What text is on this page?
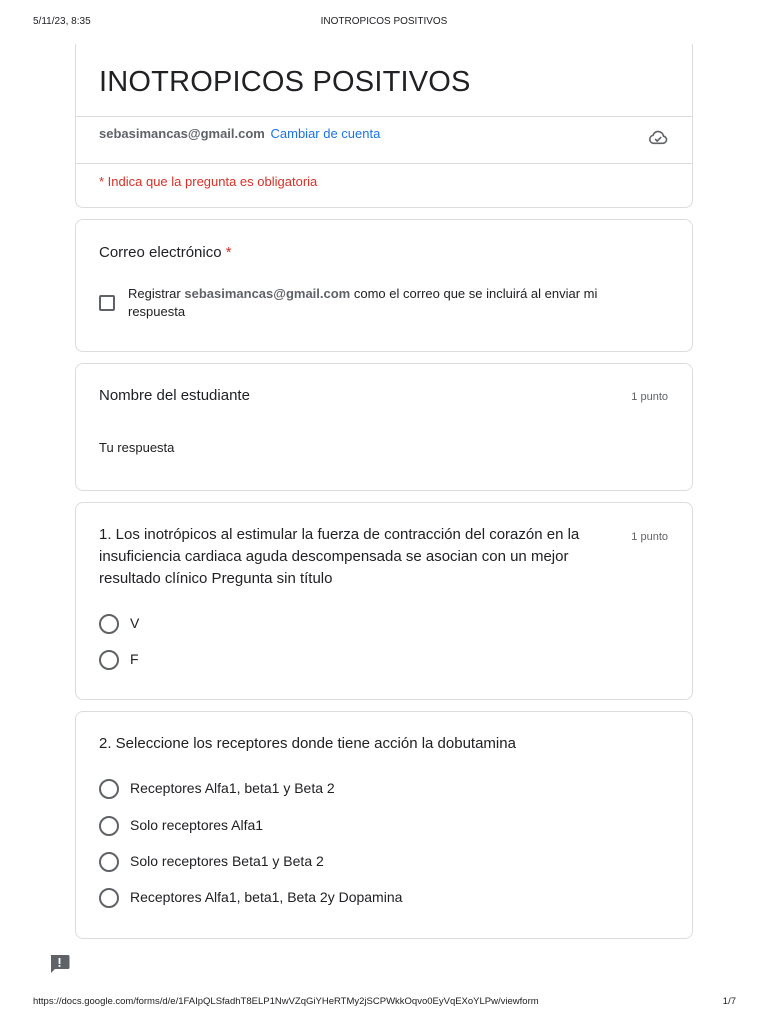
5/11/23, 8:35	INOTROPICOS POSITIVOS
INOTROPICOS POSITIVOS
sebasimancas@gmail.com Cambiar de cuenta
* Indica que la pregunta es obligatoria
Correo electrónico *
Registrar sebasimancas@gmail.com como el correo que se incluirá al enviar mi respuesta
Nombre del estudiante	1 punto
Tu respuesta
1. Los inotrópicos al estimular la fuerza de contracción del corazón en la insuficiencia cardiaca aguda descompensada se asocian con un mejor resultado clínico Pregunta sin título
1 punto
V
F
2. Seleccione los receptores donde tiene acción la dobutamina
Receptores Alfa1, beta1 y Beta 2
Solo receptores Alfa1
Solo receptores Beta1 y Beta 2
Receptores Alfa1, beta1, Beta 2y Dopamina
https://docs.google.com/forms/d/e/1FAIpQLSfadhT8ELP1NwVZqGiYHeRTMy2jSCPWkkOqvo0EyVqEXoYLPw/viewform	1/7
